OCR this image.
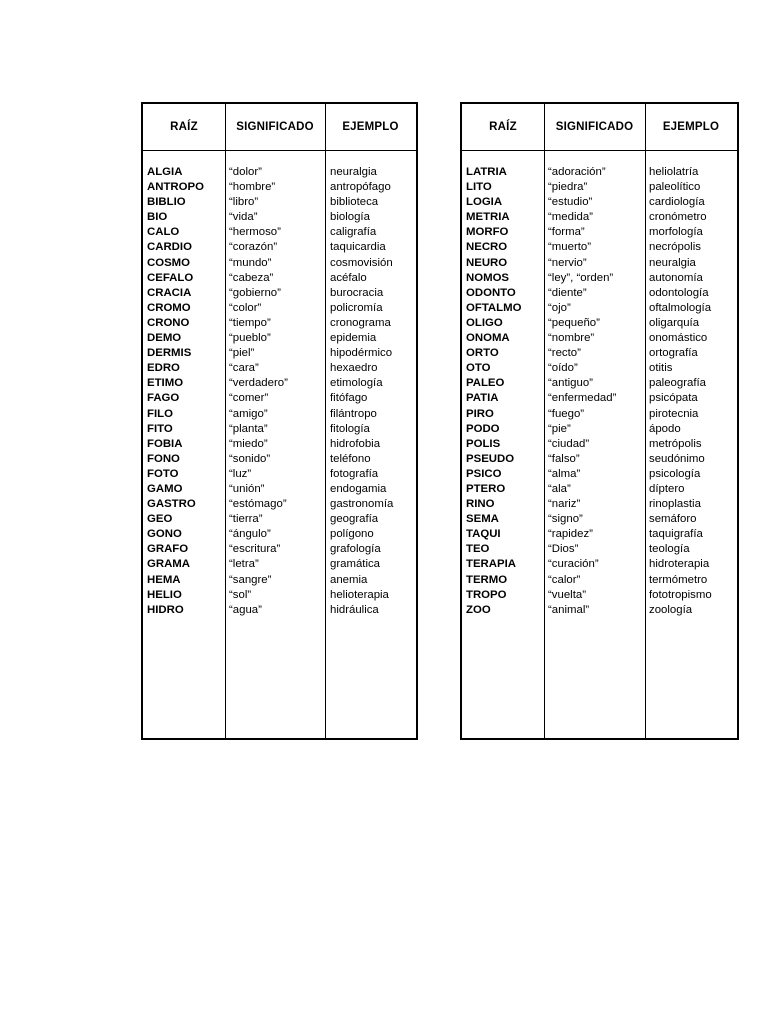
RAÍZ	SIGNIFICADO	EJEMPLO
ALGIA	“dolor”	neuralgia
ANTROPO “hombre”	antropófago
BIBLIO	“libro”	biblioteca
BIO	“vida”	biología
CALO	“hermoso”	caligrafía
CARDIO	“corazón”	taquicardia
COSMO	“mundo”	cosmovisión
CEFALO	“cabeza”	acéfalo
CRACIA	“gobierno”	burocracia
CROMO	“color”	policromía
CRONO	“tiempo”	cronograma
DEMO	“pueblo”	epidemia
DERMIS	“piel”	hipodérmico
EDRO	“cara”	hexaedro
ETIMO	“verdadero”	etimología
FAGO	“comer”	fitófago
FILO	“amigo”	filántropo
FITO	“planta”	fitología
FOBIA	“miedo”	hidrofobia
FONO	“sonido”	teléfono
FOTO	“luz”	fotografía
GAMO	“unión”	endogamia
GASTRO	“estómago”	gastronomía
GEO	“tierra”	geografía
GONO	“ángulo”	polígono
GRAFO	“escritura”	grafología
GRAMA	“letra”	gramática
HEMA	“sangre”	anemia
HELIO	“sol”	helioterapia
HIDRO	“agua”	hidráulica
RAÍZ	SIGNIFICADO	EJEMPLO
LATRIA	“adoración”	heliolatría
LITO	“piedra”	paleolítico
LOGIA	“estudio”	cardiología
METRIA	“medida”	cronómetro
MORFO	“forma”	morfología
NECRO	“muerto”	necrópolis
NEURO	“nervio”	neuralgia
NOMOS	“ley”, “orden”	autonomía
ODONTO	“diente”	odontología
OFTALMO “ojo”	oftalmología
OLIGO	“pequeño”	oligarquía
ONOMA	“nombre”	onomástico
ORTO	“recto”	ortografía
OTO	“oído”	otitis
PALEO	“antiguo”	paleografía
PATIA	“enfermedad”	psicópata
PIRO	“fuego”	pirotecnia
PODO	“pie”	ápodo
POLIS	“ciudad”	metrópolis
PSEUDO	“falso”	seudónimo
PSICO	“alma”	psicología
PTERO	“ala”	díptero
RINO	“nariz”	rinoplastia
SEMA	“signo”	semáforo
TAQUI	“rapidez”	taquigrafía
TEO	“Dios”	teología
TERAPIA	“curación”	hidroterapia
TERMO	“calor”	termómetro
TROPO	“vuelta”	fototropismo
ZOO	“animal”	zoología
